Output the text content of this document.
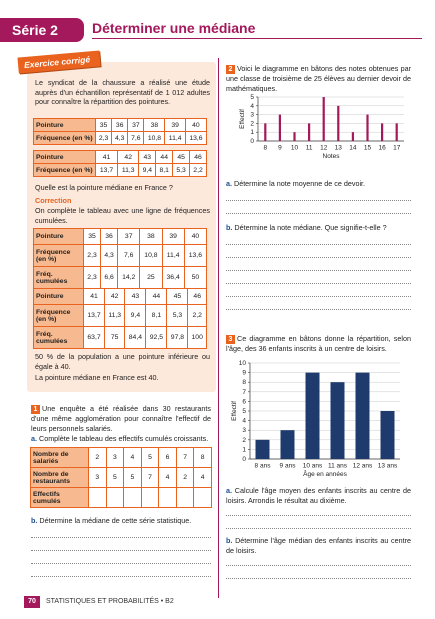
Série 2	Déterminer une médiane
Exercice corrigé
Le syndicat de la chaussure a réalisé une étude auprès d'un échantillon représentatif de 1 012 adultes pour connaître la répartition des pointures.
Pointure	35	36	37	38	39	40
Fréquence (en %)	2,3	4,3	7,6	10,8	11,4	13,6
Pointure	41	42	43	44	45	46
Fréquence (en %)	13,7	11,3	9,4	8,1	5,3	2,2
Quelle est la pointure médiane en France ?
Correction
On complète le tableau avec une ligne de fréquences cumulées.
Pointure	35	36	37	38	39	40
Fréquence (en %)	2,3	4,3	7,6	10,8	11,4	13,6
Fréq. cumulées	2,3	6,6	14,2	25	36,4	50
Pointure	41	42	43	44	45	46
Fréquence (en %)	13,7	11,3	9,4	8,1	5,3	2,2
Fréq. cumulées	63,7	75	84,4	92,5	97,8	100
50 % de la population a une pointure inférieure ou égale à 40.
La pointure médiane en France est 40.
1 Une enquête a été réalisée dans 30 restaurants d'une même agglomération pour connaître l'effectif de leurs personnels salariés.
a. Complète le tableau des effectifs cumulés croissants.
Nombre de salariés	2	3	4	5	6	7	8
Nombre de restaurants	3	5	5	7	4	2	4
Effectifs cumulés							
b. Détermine la médiane de cette série statistique.
2 Voici le diagramme en bâtons des notes obtenues par une classe de troisième de 25 élèves au dernier devoir de mathématiques.
0
1
2
3
4
5
8 9 10 11 12 13 14 15 16 17
Notes
Effectif
a. Détermine la note moyenne de ce devoir.
b. Détermine la note médiane. Que signifie-t-elle ?
3 Ce diagramme en bâtons donne la répartition, selon l'âge, des 36 enfants inscrits à un centre de loisirs.
0
1
2
3
4
5
6
7
8
9
10
8 ans 9 ans 10 ans 11 ans 12 ans 13 ans
Âge en années
Effectif
a. Calcule l'âge moyen des enfants inscrits au centre de loisirs. Arrondis le résultat au dixième.
b. Détermine l'âge médian des enfants inscrits au centre de loisirs.
70	STATISTIQUES ET PROBABILITÉS • B2
